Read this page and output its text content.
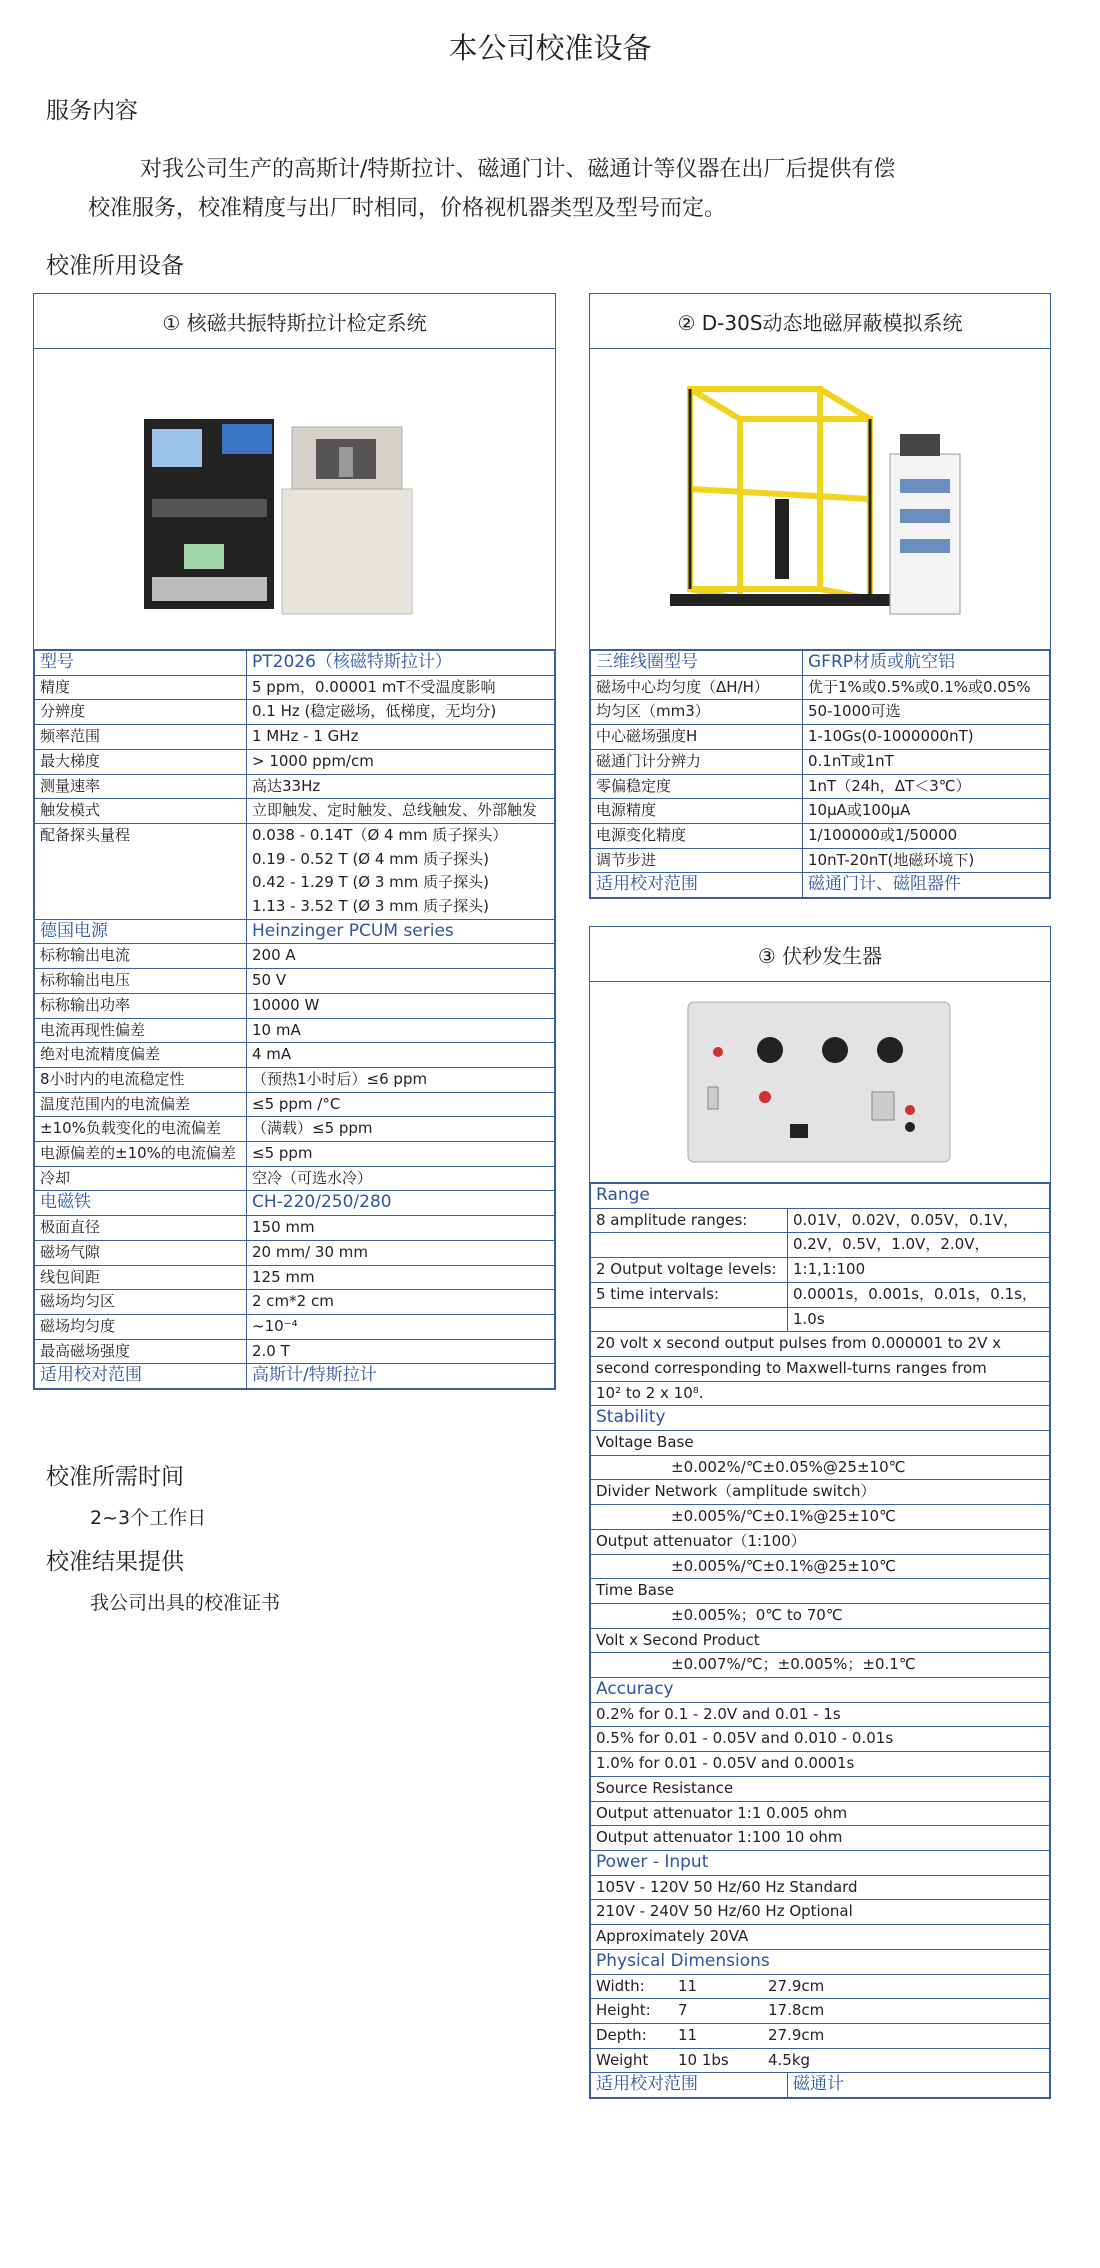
本公司校准设备
服务内容
对我公司生产的高斯计/特斯拉计、磁通门计、磁通计等仪器在出厂后提供有偿
校准服务，校准精度与出厂时相同，价格视机器类型及型号而定。
校准所用设备
① 核磁共振特斯拉计检定系统
型号	PT2026（核磁特斯拉计）
精度	5 ppm，0.00001 mT不受温度影响
分辨度	0.1 Hz (稳定磁场，低梯度，无均分)
频率范围	1 MHz - 1 GHz
最大梯度	> 1000 ppm/cm
测量速率	高达33Hz
触发模式	立即触发、定时触发、总线触发、外部触发
配备探头量程	0.038 - 0.14T（Ø 4 mm 质子探头）
	0.19 - 0.52 T (Ø 4 mm 质子探头)
	0.42 - 1.29 T (Ø 3 mm 质子探头)
	1.13 - 3.52 T (Ø 3 mm 质子探头)
德国电源	Heinzinger PCUM series
标称输出电流	200 A
标称输出电压	50 V
标称输出功率	10000 W
电流再现性偏差	10 mA
绝对电流精度偏差	4 mA
8小时内的电流稳定性	（预热1小时后）≤6 ppm
温度范围内的电流偏差	≤5 ppm /°C
±10%负载变化的电流偏差	（满载）≤5 ppm
电源偏差的±10%的电流偏差	≤5 ppm
冷却	空冷（可选水冷）
电磁铁	CH-220/250/280
极面直径	150 mm
磁场气隙	20 mm/ 30 mm
线包间距	125 mm
磁场均匀区	2 cm*2 cm
磁场均匀度	~10⁻⁴
最高磁场强度	2.0 T
适用校对范围	高斯计/特斯拉计
② D-30S动态地磁屏蔽模拟系统
三维线圈型号	GFRP材质或航空铝
磁场中心均匀度（ΔH/H）	优于1%或0.5%或0.1%或0.05%
均匀区（mm3）	50-1000可选
中心磁场强度H	1-10Gs(0-1000000nT)
磁通门计分辨力	0.1nT或1nT
零偏稳定度	1nT（24h，ΔT＜3℃）
电源精度	10μA或100μA
电源变化精度	1/100000或1/50000
调节步进	10nT-20nT(地磁环境下)
适用校对范围	磁通门计、磁阻器件
③ 伏秒发生器
Range	
8 amplitude ranges:	0.01V，0.02V，0.05V，0.1V，
	0.2V，0.5V，1.0V，2.0V，
2 Output voltage levels:	1:1,1:100
5 time intervals:	0.0001s，0.001s，0.01s，0.1s，
	1.0s
20 volt x second output pulses from 0.000001 to 2V x	
second corresponding to Maxwell-turns ranges from	
10² to 2 x 10⁸.	
Stability	
Voltage Base	
±0.002%/℃±0.05%@25±10℃	
Divider Network（amplitude switch）	
±0.005%/℃±0.1%@25±10℃	
Output attenuator（1:100）	
±0.005%/℃±0.1%@25±10℃	
Time Base	
±0.005%；0℃ to 70℃	
Volt x Second Product	
±0.007%/℃；±0.005%；±0.1℃	
Accuracy	
0.2% for 0.1 - 2.0V and 0.01 - 1s	
0.5% for 0.01 - 0.05V and 0.010 - 0.01s	
1.0% for 0.01 - 0.05V and 0.0001s	
Source Resistance	
Output attenuator 1:1 0.005 ohm	
Output attenuator 1:100 10 ohm	
Power - Input	
105V - 120V 50 Hz/60 Hz Standard	
210V - 240V 50 Hz/60 Hz Optional	
Approximately 20VA	
Physical Dimensions	
Width: 11 27.9cm	
Height: 7 17.8cm	
Depth: 11 27.9cm	
Weight 10 1bs 4.5kg	
适用校对范围	磁通计
校准所需时间
2~3个工作日
校准结果提供
我公司出具的校准证书
